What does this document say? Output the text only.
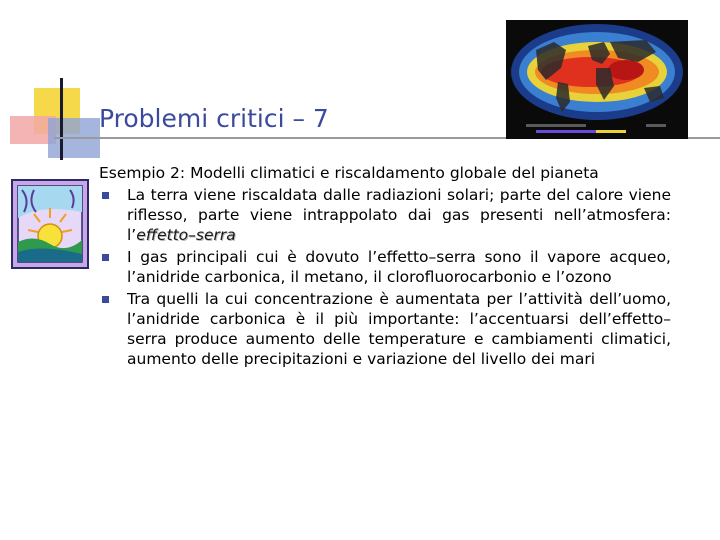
Problemi critici – 7
Esempio 2: Modelli climatici e riscaldamento globale del pianeta
La terra viene riscaldata dalle radiazioni solari; parte del calore viene riflesso, parte viene intrappolato dai gas presenti nell’atmosfera: l’effetto–serra
I gas principali cui è dovuto l’effetto–serra sono il vapore acqueo, l’anidride carbonica, il metano, il clorofluorocarbonio e l’ozono
Tra quelli la cui concentrazione è aumentata per l’attività dell’uomo, l’anidride carbonica è il più importante: l’accentuarsi dell’effetto–serra produce aumento delle temperature e cambiamenti climatici, aumento delle precipitazioni e variazione del livello dei mari
